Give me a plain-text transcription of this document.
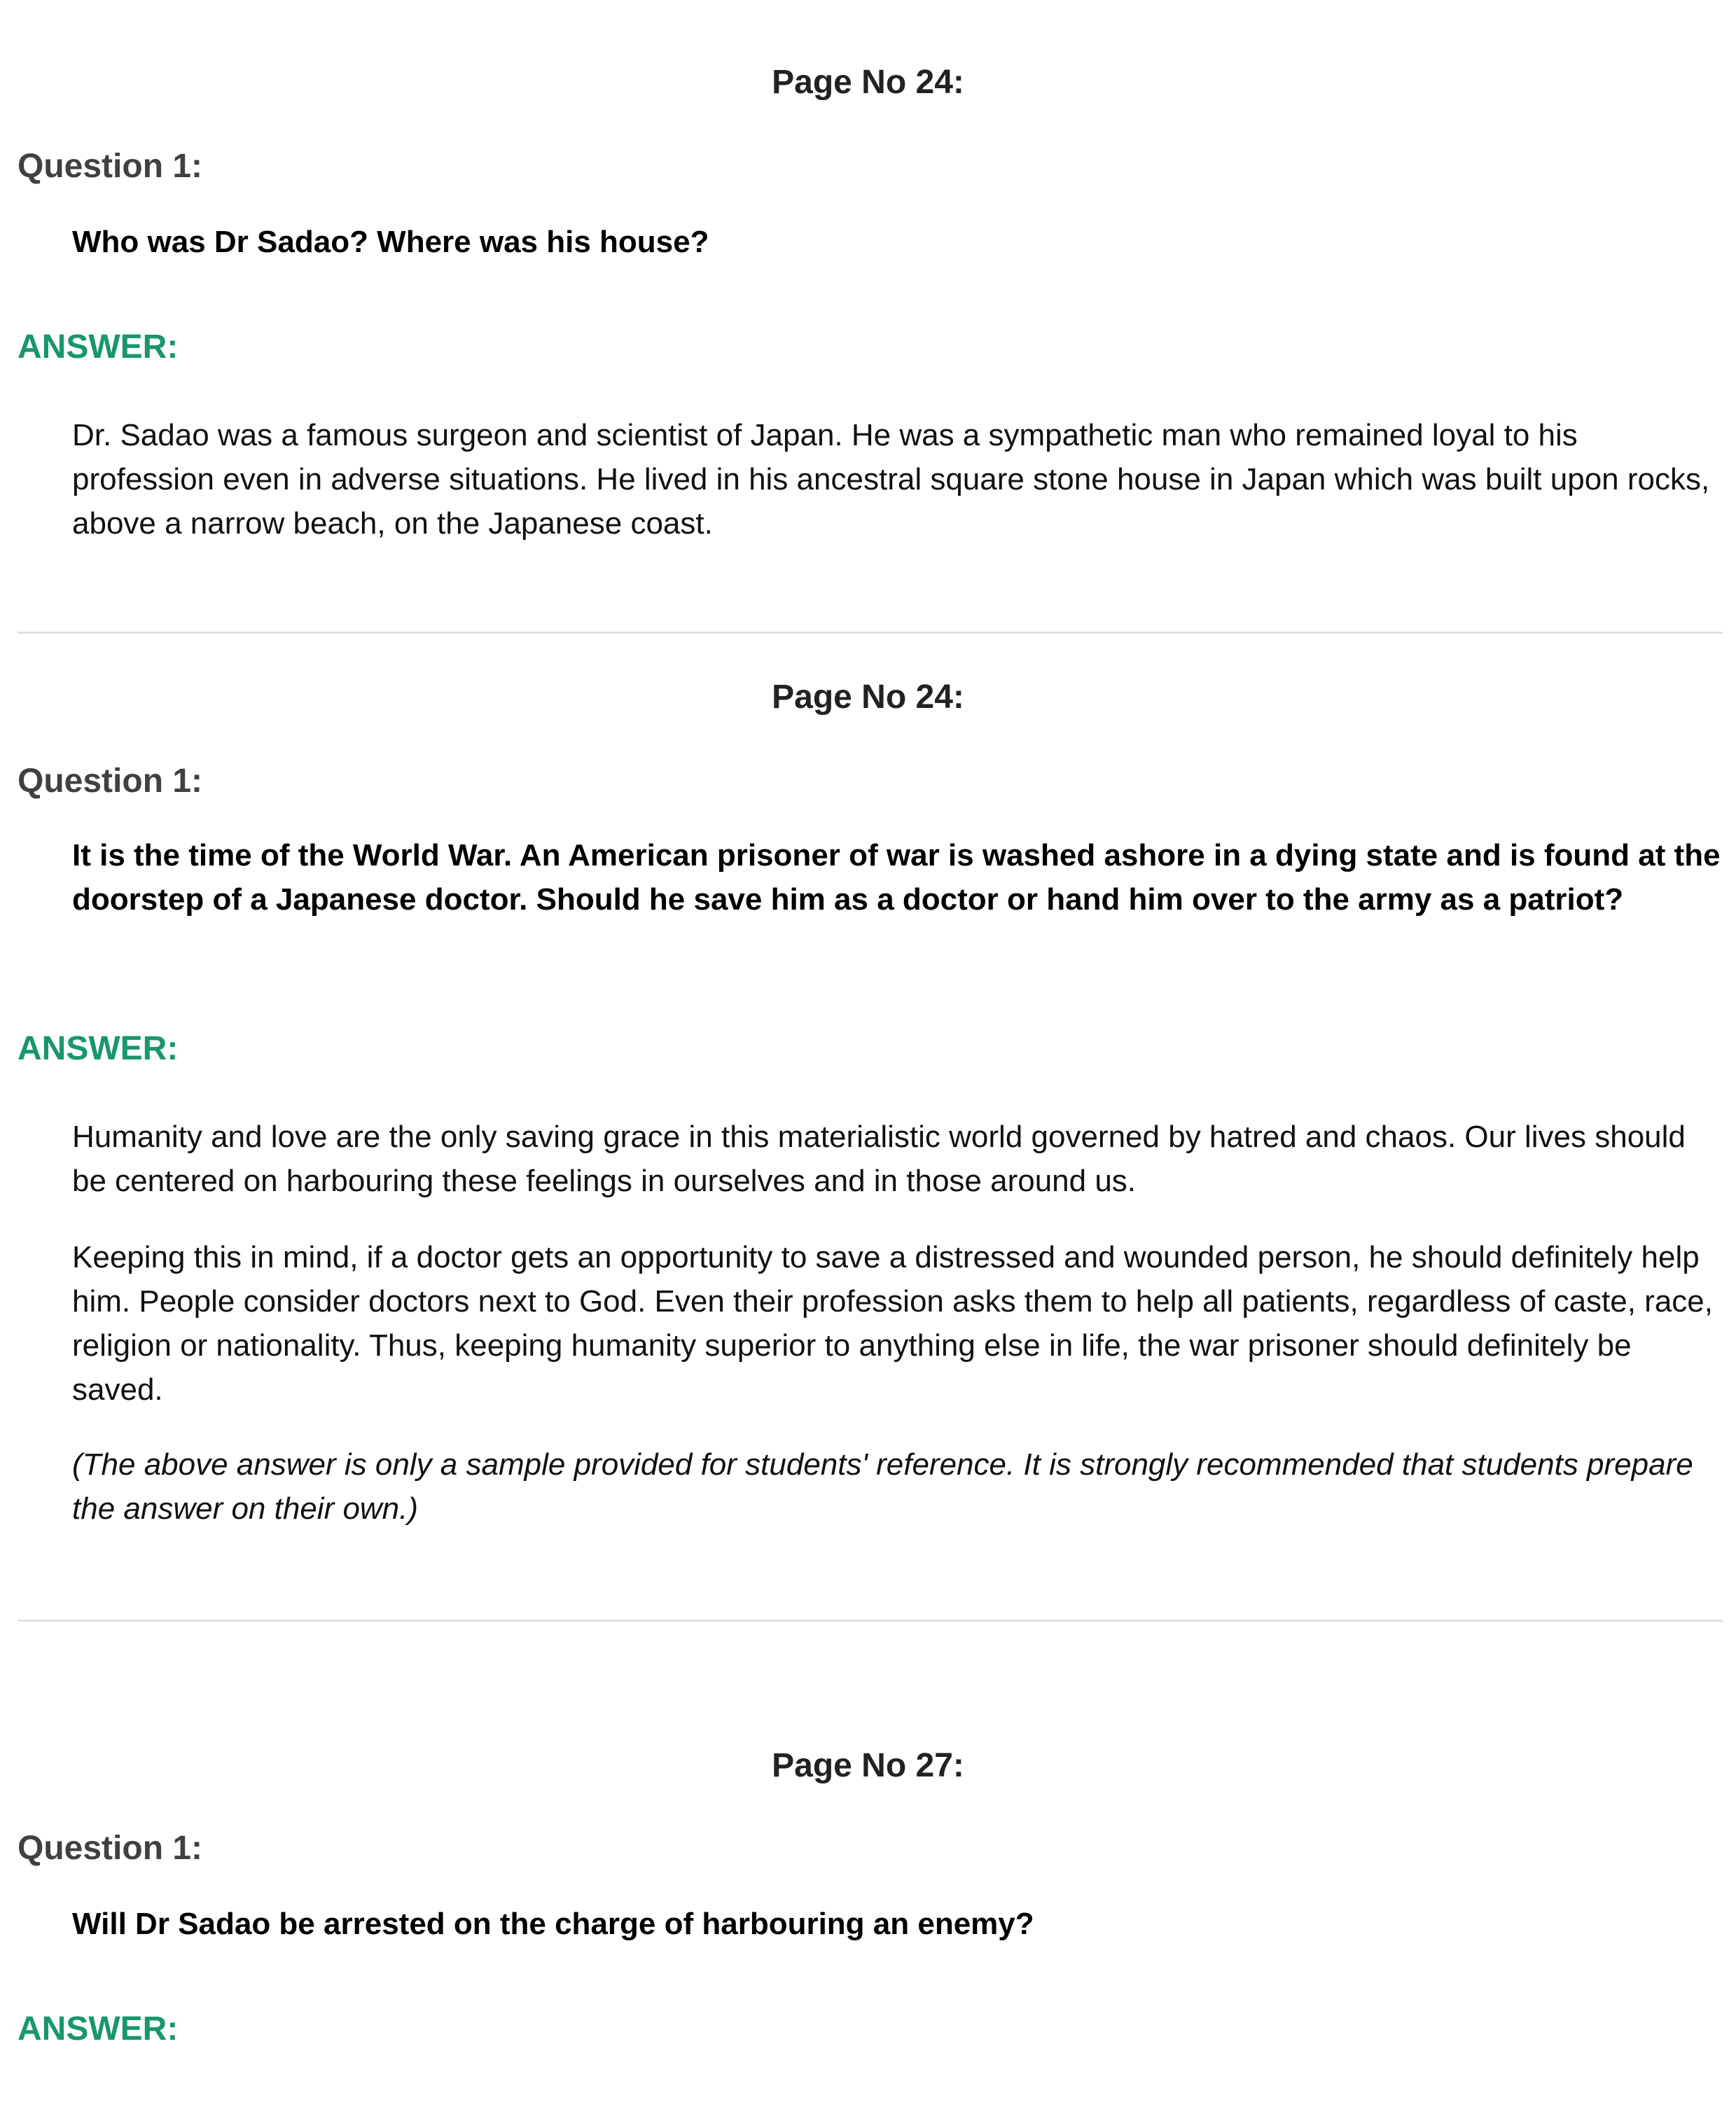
Page No 24:
Question 1:
Who was Dr Sadao? Where was his house?
ANSWER:
Dr. Sadao was a famous surgeon and scientist of Japan. He was a sympathetic man who remained loyal to his profession even in adverse situations. He lived in his ancestral square stone house in Japan which was built upon rocks, above a narrow beach, on the Japanese coast.
Page No 24:
Question 1:
It is the time of the World War. An American prisoner of war is washed ashore in a dying state and is found at the doorstep of a Japanese doctor. Should he save him as a doctor or hand him over to the army as a patriot?
ANSWER:
Humanity and love are the only saving grace in this materialistic world governed by hatred and chaos. Our lives should be centered on harbouring these feelings in ourselves and in those around us.
Keeping this in mind, if a doctor gets an opportunity to save a distressed and wounded person, he should definitely help him. People consider doctors next to God. Even their profession asks them to help all patients, regardless of caste, race, religion or nationality. Thus, keeping humanity superior to anything else in life, the war prisoner should definitely be saved.
(The above answer is only a sample provided for students' reference. It is strongly recommended that students prepare the answer on their own.)
Page No 27:
Question 1:
Will Dr Sadao be arrested on the charge of harbouring an enemy?
ANSWER:
